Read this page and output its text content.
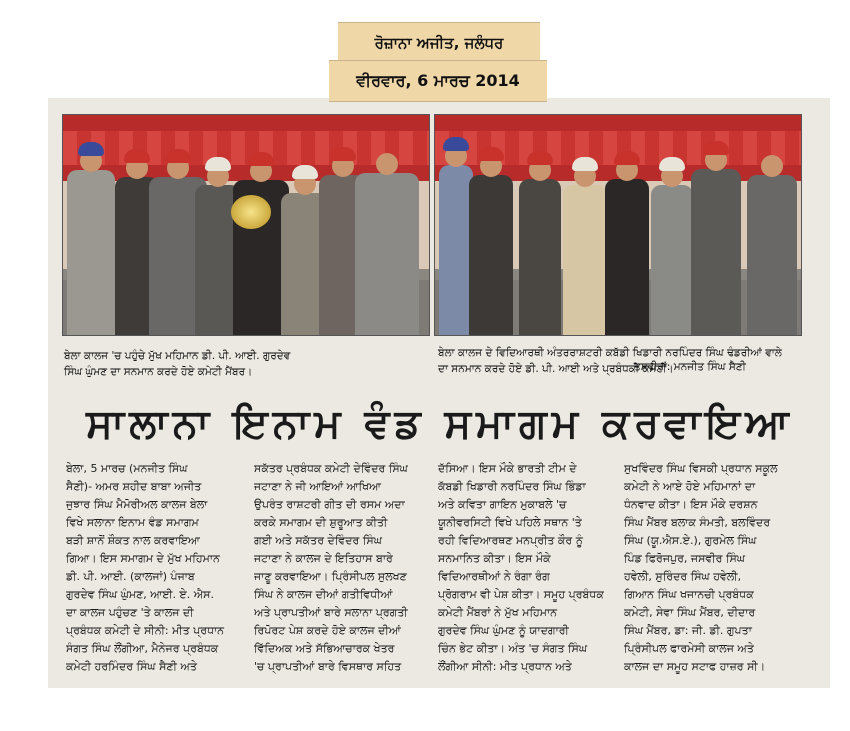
ਰੋਜ਼ਾਨਾ ਅਜੀਤ, ਜਲੰਧਰ
ਵੀਰਵਾਰ, 6 ਮਾਰਚ 2014
ਬੇਲਾ ਕਾਲਜ 'ਚ ਪਹੁੰਚੇ ਮੁੱਖ ਮਹਿਮਾਨ ਡੀ. ਪੀ. ਆਈ. ਗੁਰਦੇਵ
ਸਿੰਘ ਘੁੰਮਣ ਦਾ ਸਨਮਾਨ ਕਰਦੇ ਹੋਏ ਕਮੇਟੀ ਮੈਂਬਰ।
ਬੇਲਾ ਕਾਲਜ ਦੇ ਵਿਦਿਆਰਥੀ ਅੰਤਰਰਾਸ਼ਟਰੀ ਕਬੱਡੀ ਖਿਡਾਰੀ ਨਰਪਿੰਦਰ ਸਿੰਘ ਢੰਡਰੀਆਂ ਵਾਲੇ
ਦਾ ਸਨਮਾਨ ਕਰਦੇ ਹੋਏ ਡੀ. ਪੀ. ਆਈ ਅਤੇ ਪ੍ਰਬੰਧਕੀ ਕਮੇਟੀ।
ਤਸਵੀਰਾਂ: ਮਨਜੀਤ ਸਿੰਘ ਸੈਣੀ
ਸਾਲਾਨਾ ਇਨਾਮ ਵੰਡ ਸਮਾਗਮ ਕਰਵਾਇਆ
ਬੇਲਾ, 5 ਮਾਰਚ (ਮਨਜੀਤ ਸਿੰਘ
ਸੈਣੀ)- ਅਮਰ ਸ਼ਹੀਦ ਬਾਬਾ ਅਜੀਤ
ਜੁਝਾਰ ਸਿੰਘ ਮੈਮੋਰੀਅਲ ਕਾਲਜ ਬੇਲਾ
ਵਿਖੇ ਸਲਾਨਾ ਇਨਾਮ ਵੰਡ ਸਮਾਗਮ
ਬੜੀ ਸ਼ਾਨੋਂ ਸ਼ੌਕਤ ਨਾਲ ਕਰਵਾਇਆ
ਗਿਆ। ਇਸ ਸਮਾਗਮ ਦੇ ਮੁੱਖ ਮਹਿਮਾਨ
ਡੀ. ਪੀ. ਆਈ. (ਕਾਲਜਾਂ) ਪੰਜਾਬ
ਗੁਰਦੇਵ ਸਿੰਘ ਘੁੰਮਣ, ਆਈ. ਏ. ਐਸ.
ਦਾ ਕਾਲਜ ਪਹੁੰਚਣ 'ਤੇ ਕਾਲਜ ਦੀ
ਪ੍ਰਬੰਧਕ ਕਮੇਟੀ ਦੇ ਸੀਨੀ: ਮੀਤ ਪ੍ਰਧਾਨ
ਸੰਗਤ ਸਿੰਘ ਲੌਂਗੀਆ, ਮੈਨੇਜਰ ਪ੍ਰਬੰਧਕ
ਕਮੇਟੀ ਹਰਮਿੰਦਰ ਸਿੰਘ ਸੈਣੀ ਅਤੇ
ਸਕੱਤਰ ਪ੍ਰਬੰਧਕ ਕਮੇਟੀ ਦੇਵਿੰਦਰ ਸਿੰਘ
ਜਟਾਣਾ ਨੇ ਜੀ ਆਇਆਂ ਆਖਿਆ
ਉਪਰੰਤ ਰਾਸ਼ਟਰੀ ਗੀਤ ਦੀ ਰਸਮ ਅਦਾ
ਕਰਕੇ ਸਮਾਗਮ ਦੀ ਸ਼ੁਰੂਆਤ ਕੀਤੀ
ਗਈ ਅਤੇ ਸਕੱਤਰ ਦੇਵਿੰਦਰ ਸਿੰਘ
ਜਟਾਣਾ ਨੇ ਕਾਲਜ ਦੇ ਇਤਿਹਾਸ ਬਾਰੇ
ਜਾਣੂ ਕਰਵਾਇਆ। ਪ੍ਰਿੰਸੀਪਲ ਸੁਲਖਣ
ਸਿੰਘ ਨੇ ਕਾਲਜ ਦੀਆਂ ਗਤੀਵਿਧੀਆਂ
ਅਤੇ ਪ੍ਰਾਪਤੀਆਂ ਬਾਰੇ ਸਲਾਨਾ ਪ੍ਰਗਤੀ
ਰਿਪੋਰਟ ਪੇਸ਼ ਕਰਦੇ ਹੋਏ ਕਾਲਜ ਦੀਆਂ
ਵਿੱਦਿਅਕ ਅਤੇ ਸੱਭਿਆਚਾਰਕ ਖੇਤਰ
'ਚ ਪ੍ਰਾਪਤੀਆਂ ਬਾਰੇ ਵਿਸਥਾਰ ਸਹਿਤ
ਦੱਸਿਆ। ਇਸ ਮੌਕੇ ਭਾਰਤੀ ਟੀਮ ਦੇ
ਕੱਬਡੀ ਖਿਡਾਰੀ ਨਰਪਿੰਦਰ ਸਿੰਘ ਭਿੰਡਾ
ਅਤੇ ਕਵਿਤਾ ਗਾਇਨ ਮੁਕਾਬਲੇ 'ਚ
ਯੂਨੀਵਰਸਿਟੀ ਵਿਖੇ ਪਹਿਲੇ ਸਥਾਨ 'ਤੇ
ਰਹੀ ਵਿਦਿਆਰਥਣ ਮਨਪ੍ਰੀਤ ਕੌਰ ਨੂੰ
ਸਨਮਾਨਿਤ ਕੀਤਾ। ਇਸ ਮੌਕੇ
ਵਿਦਿਆਰਥੀਆਂ ਨੇ ਰੰਗਾ ਰੰਗ
ਪ੍ਰੋਗਰਾਮ ਵੀ ਪੇਸ਼ ਕੀਤਾ। ਸਮੂਹ ਪ੍ਰਬੰਧਕ
ਕਮੇਟੀ ਮੈਂਬਰਾਂ ਨੇ ਮੁੱਖ ਮਹਿਮਾਨ
ਗੁਰਦੇਵ ਸਿੰਘ ਘੁੰਮਣ ਨੂੰ ਯਾਦਗਾਰੀ
ਚਿੰਨ ਭੇਟ ਕੀਤਾ। ਅੰਤ 'ਚ ਸੰਗਤ ਸਿੰਘ
ਲੌਂਗੀਆ ਸੀਨੀ: ਮੀਤ ਪ੍ਰਧਾਨ ਅਤੇ
ਸੁਖਵਿੰਦਰ ਸਿੰਘ ਵਿਸਕੀ ਪ੍ਰਧਾਨ ਸਕੂਲ
ਕਮੇਟੀ ਨੇ ਆਏ ਹੋਏ ਮਹਿਮਾਨਾਂ ਦਾ
ਧੰਨਵਾਦ ਕੀਤਾ। ਇਸ ਮੌਕੇ ਦਰਸ਼ਨ
ਸਿੰਘ ਮੈਂਬਰ ਬਲਾਕ ਸੰਮਤੀ, ਬਲਵਿੰਦਰ
ਸਿੰਘ (ਯੂ.ਐਸ.ਏ.), ਗੁਰਮੇਲ ਸਿੰਘ
ਪਿੰਡ ਫਿਰੋਜਪੁਰ, ਜਸਵੀਰ ਸਿੰਘ
ਹਵੇਲੀ, ਸੁਰਿੰਦਰ ਸਿੰਘ ਹਵੇਲੀ,
ਗਿਆਨ ਸਿੰਘ ਖਜਾਨਚੀ ਪ੍ਰਬੰਧਕ
ਕਮੇਟੀ, ਸੇਵਾ ਸਿੰਘ ਮੈਂਬਰ, ਦੀਦਾਰ
ਸਿੰਘ ਮੈਂਬਰ, ਡਾ: ਜੀ. ਡੀ. ਗੁਪਤਾ
ਪ੍ਰਿੰਸੀਪਲ ਫਾਰਮੇਸੀ ਕਾਲਜ ਅਤੇ
ਕਾਲਜ ਦਾ ਸਮੂਹ ਸਟਾਫ ਹਾਜ਼ਰ ਸੀ।
